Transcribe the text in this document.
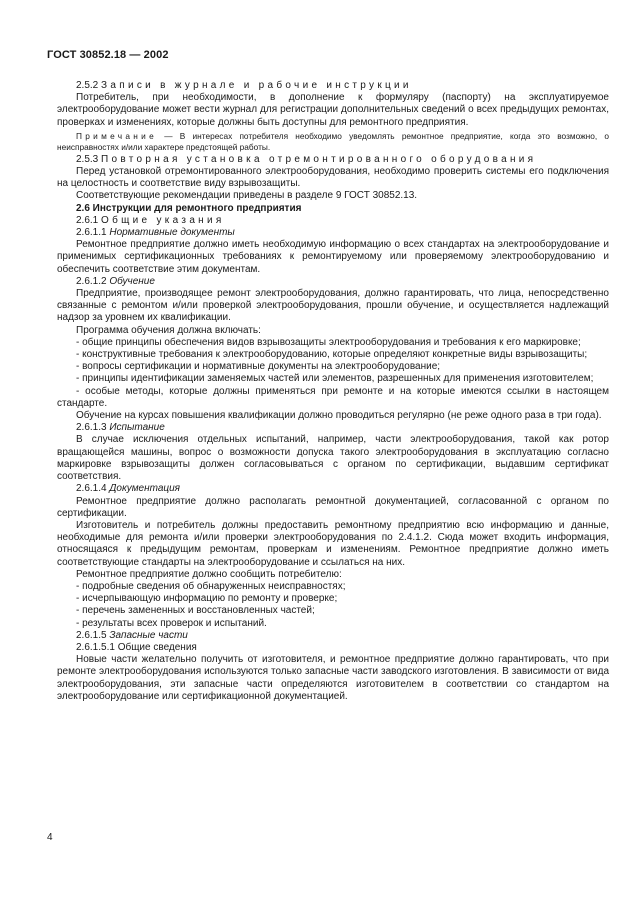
ГОСТ 30852.18 — 2002

2.5.2 Записи в журнале и рабочие инструкции

Потребитель, при необходимости, в дополнение к формуляру (паспорту) на эксплуатируемое электрооборудование может вести журнал для регистрации дополнительных сведений о всех предыдущих ремонтах, проверках и изменениях, которые должны быть доступны для ремонтного предприятия.

Примечание — В интересах потребителя необходимо уведомлять ремонтное предприятие, когда это возможно, о неисправностях и/или характере предстоящей работы.

2.5.3 Повторная установка отремонтированного оборудования

Перед установкой отремонтированного электрооборудования, необходимо проверить системы его подключения на целостность и соответствие виду взрывозащиты.

Соответствующие рекомендации приведены в разделе 9 ГОСТ 30852.13.

2.6 Инструкции для ремонтного предприятия

2.6.1 Общие указания

2.6.1.1 Нормативные документы

Ремонтное предприятие должно иметь необходимую информацию о всех стандартах на электрооборудование и применимых сертификационных требованиях к ремонтируемому или проверяемому электрооборудованию и обеспечить соответствие этим документам.

2.6.1.2 Обучение

Предприятие, производящее ремонт электрооборудования, должно гарантировать, что лица, непосредственно связанные с ремонтом и/или проверкой электрооборудования, прошли обучение, и осуществляется надлежащий надзор за уровнем их квалификации.

Программа обучения должна включать:

- общие принципы обеспечения видов взрывозащиты электрооборудования и требования к его маркировке;

- конструктивные требования к электрооборудованию, которые определяют конкретные виды взрывозащиты;

- вопросы сертификации и нормативные документы на электрооборудование;

- принципы идентификации заменяемых частей или элементов, разрешенных для применения изготовителем;

- особые методы, которые должны применяться при ремонте и на которые имеются ссылки в настоящем стандарте.

Обучение на курсах повышения квалификации должно проводиться регулярно (не реже одного раза в три года).

2.6.1.3 Испытание

В случае исключения отдельных испытаний, например, части электрооборудования, такой как ротор вращающейся машины, вопрос о возможности допуска такого электрооборудования в эксплуатацию согласно маркировке взрывозащиты должен согласовываться с органом по сертификации, выдавшим сертификат соответствия.

2.6.1.4 Документация

Ремонтное предприятие должно располагать ремонтной документацией, согласованной с органом по сертификации.

Изготовитель и потребитель должны предоставить ремонтному предприятию всю информацию и данные, необходимые для ремонта и/или проверки электрооборудования по 2.4.1.2. Сюда может входить информация, относящаяся к предыдущим ремонтам, проверкам и изменениям. Ремонтное предприятие должно иметь соответствующие стандарты на электрооборудование и ссылаться на них.

Ремонтное предприятие должно сообщить потребителю:

- подробные сведения об обнаруженных неисправностях;

- исчерпывающую информацию по ремонту и проверке;

- перечень замененных и восстановленных частей;

- результаты всех проверок и испытаний.

2.6.1.5 Запасные части

2.6.1.5.1 Общие сведения

Новые части желательно получить от изготовителя, и ремонтное предприятие должно гарантировать, что при ремонте электрооборудования используются только запасные части заводского изготовления. В зависимости от вида электрооборудования, эти запасные части определяются изготовителем в соответствии со стандартом на электрооборудование или сертификационной документацией.

4
